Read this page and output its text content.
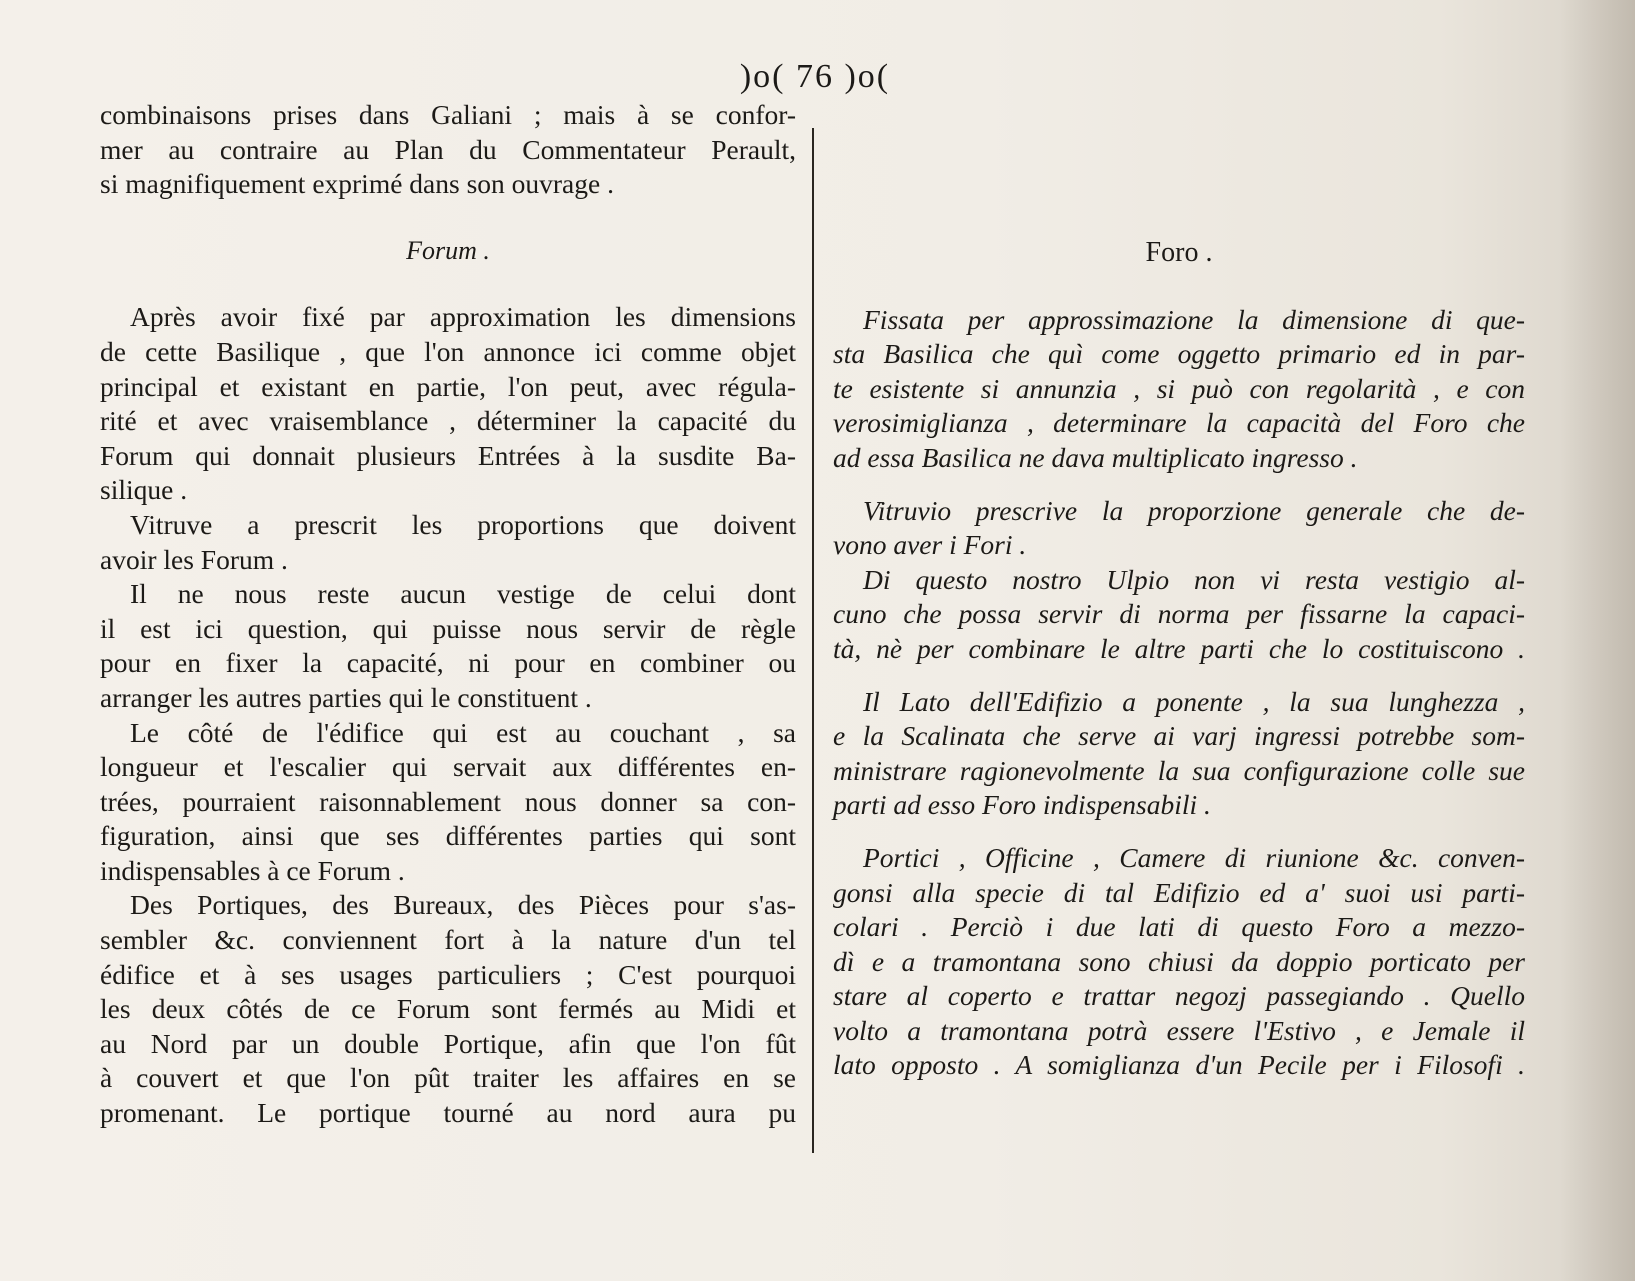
)o( 76 )o(
combinaisons prises dans Galiani ; mais à se confor-
mer au contraire au Plan du Commentateur Perault,
si magnifiquement exprimé dans son ouvrage .
Forum .
Après avoir fixé par approximation les dimensions
de cette Basilique , que l'on annonce ici comme objet
principal et existant en partie, l'on peut, avec régula-
rité et avec vraisemblance , déterminer la capacité du
Forum qui donnait plusieurs Entrées à la susdite Ba-
silique .
Vitruve a prescrit les proportions que doivent
avoir les Forum .
Il ne nous reste aucun vestige de celui dont
il est ici question, qui puisse nous servir de règle
pour en fixer la capacité, ni pour en combiner ou
arranger les autres parties qui le constituent .
Le côté de l'édifice qui est au couchant , sa
longueur et l'escalier qui servait aux différentes en-
trées, pourraient raisonnablement nous donner sa con-
figuration, ainsi que ses différentes parties qui sont
indispensables à ce Forum .
Des Portiques, des Bureaux, des Pièces pour s'as-
sembler &c. conviennent fort à la nature d'un tel
édifice et à ses usages particuliers ; C'est pourquoi
les deux côtés de ce Forum sont fermés au Midi et
au Nord par un double Portique, afin que l'on fût
à couvert et que l'on pût traiter les affaires en se
promenant. Le portique tourné au nord aura pu
Foro .
Fissata per approssimazione la dimensione di que-
sta Basilica che quì come oggetto primario ed in par-
te esistente si annunzia , si può con regolarità , e con
verosimiglianza , determinare la capacità del Foro che
ad essa Basilica ne dava multiplicato ingresso .
Vitruvio prescrive la proporzione generale che de-
vono aver i Fori .
Di questo nostro Ulpio non vi resta vestigio al-
cuno che possa servir di norma per fissarne la capaci-
tà, nè per combinare le altre parti che lo costituiscono .
Il Lato dell'Edifizio a ponente , la sua lunghezza ,
e la Scalinata che serve ai varj ingressi potrebbe som-
ministrare ragionevolmente la sua configurazione colle sue
parti ad esso Foro indispensabili .
Portici , Officine , Camere di riunione &c. conven-
gonsi alla specie di tal Edifizio ed a' suoi usi parti-
colari . Perciò i due lati di questo Foro a mezzo-
dì e a tramontana sono chiusi da doppio porticato per
stare al coperto e trattar negozj passegiando . Quello
volto a tramontana potrà essere l'Estivo , e Jemale il
lato opposto . A somiglianza d'un Pecile per i Filosofi .
